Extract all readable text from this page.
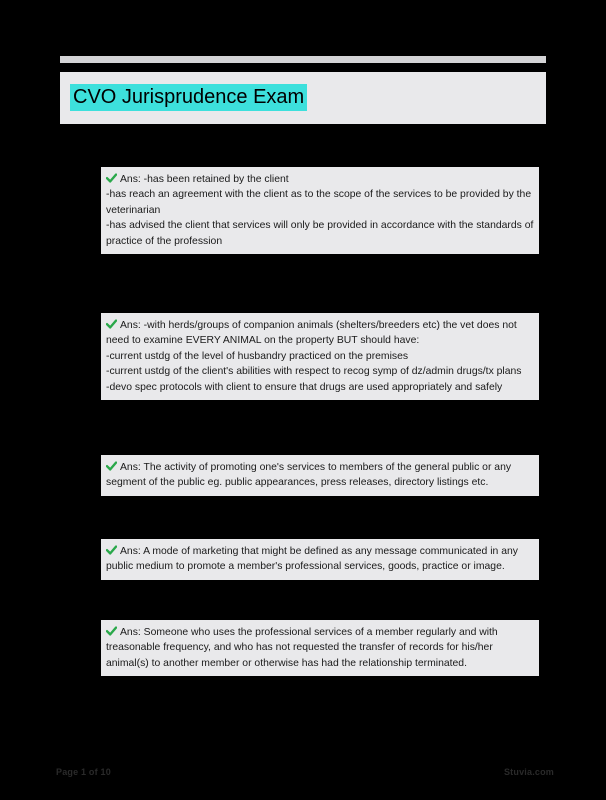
CVO Jurisprudence Exam
Ans: -has been retained by the client
-has reach an agreement with the client as to the scope of the services to be provided by the veterinarian
-has advised the client that services will only be provided in accordance with the standards of practice of the profession
Ans: -with herds/groups of companion animals (shelters/breeders etc) the vet does not need to examine EVERY ANIMAL on the property BUT should have:
-current ustdg of the level of husbandry practiced on the premises
-current ustdg of the client's abilities with respect to recog symp of dz/admin drugs/tx plans
-devo spec protocols with client to ensure that drugs are used appropriately and safely
Ans: The activity of promoting one's services to members of the general public or any segment of the public eg. public appearances, press releases, directory listings etc.
Ans: A mode of marketing that might be defined as any message communicated in any public medium to promote a member's professional services, goods, practice or image.
Ans: Someone who uses the professional services of a member regularly and with treasonable frequency, and who has not requested the transfer of records for his/her animal(s) to another member or otherwise has had the relationship terminated.
Page 1 of 10	Stuvia.com
